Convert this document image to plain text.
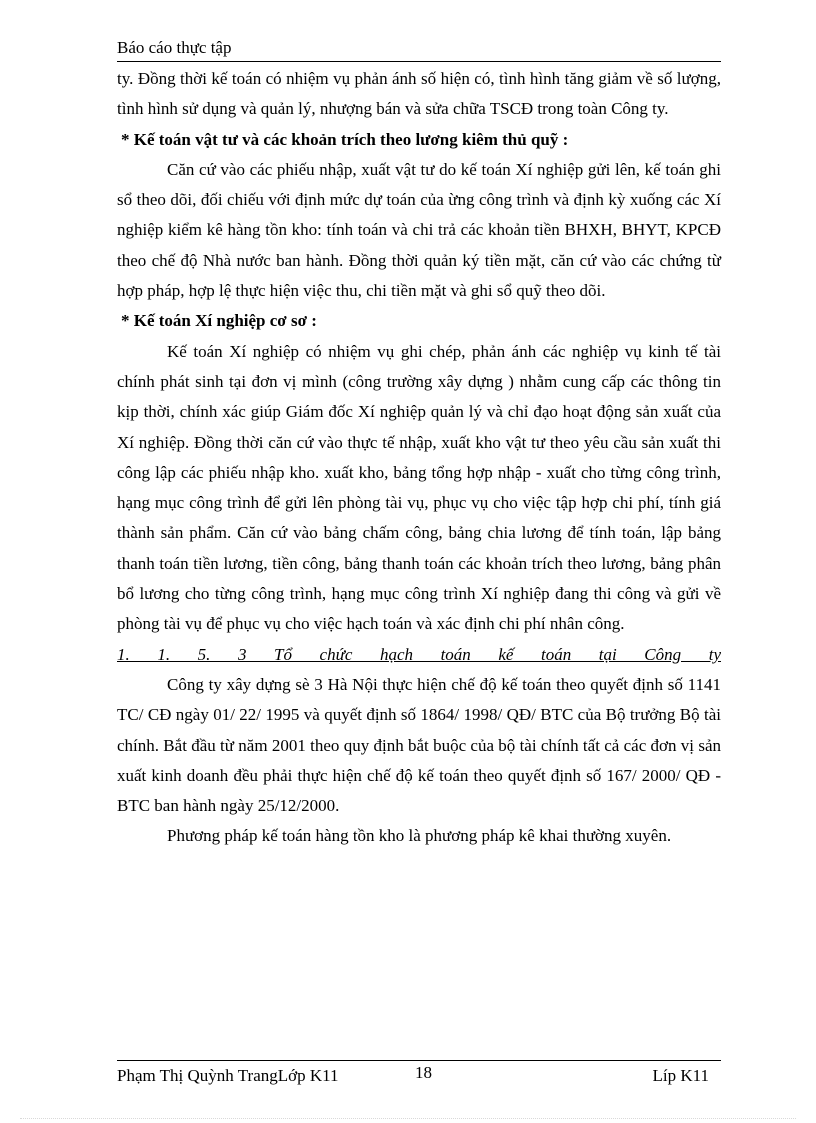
Báo cáo thực tập

ty. Đồng thời kế toán có nhiệm vụ phản ánh số hiện có, tình hình tăng giảm về số lượng, tình hình sử dụng và quản lý, nhượng bán và sửa chữa TSCĐ trong toàn Công ty.

* Kế toán vật tư và các khoản trích theo lương kiêm thủ quỹ :

Căn cứ vào các phiếu nhập, xuất vật tư do kế toán Xí nghiệp gửi lên, kế toán ghi sổ theo dõi, đối chiếu với định mức dự toán của ừng công trình và định kỳ xuống các Xí nghiệp kiểm kê hàng tồn kho: tính toán và chi trả các khoản tiền BHXH, BHYT, KPCĐ theo chế độ Nhà nước ban hành. Đồng thời quản ký tiền mặt, căn cứ vào các chứng từ hợp pháp, hợp lệ thực hiện việc thu, chi tiền mặt và ghi sổ quỹ theo dõi.

* Kế toán Xí nghiệp cơ sơ :

Kế toán Xí nghiệp có nhiệm vụ ghi chép, phản ánh các nghiệp vụ kinh tế tài chính phát sinh tại đơn vị mình (công trường xây dựng ) nhằm cung cấp các thông tin kịp thời, chính xác giúp Giám đốc Xí nghiệp quản lý và chỉ đạo hoạt động sản xuất của Xí nghiệp. Đồng thời căn cứ vào thực tế nhập, xuất kho vật tư theo yêu cầu sản xuất thi công lập các phiếu nhập kho. xuất kho, bảng tổng hợp nhập - xuất cho từng công trình, hạng mục công trình để gửi lên phòng tài vụ, phục vụ cho việc tập hợp chi phí, tính giá thành sản phẩm. Căn cứ vào bảng chấm công, bảng chia lương để tính toán, lập bảng thanh toán tiền lương, tiền công, bảng thanh toán các khoản trích theo lương, bảng phân bổ lương cho từng công trình, hạng mục công trình Xí nghiệp đang thi công và gửi về phòng tài vụ để phục vụ cho việc hạch toán và xác định chi phí nhân công.

1. 1. 5. 3 Tổ chức hạch toán kế toán tại Công ty

Công ty xây dựng sè 3 Hà Nội thực hiện chế độ kế toán theo quyết định số 1141 TC/ CĐ ngày 01/ 22/ 1995 và quyết định số 1864/ 1998/ QĐ/ BTC của Bộ trưởng Bộ tài chính. Bắt đầu từ năm 2001 theo quy định bắt buộc của bộ tài chính tất cả các đơn vị sản xuất kinh doanh đều phải thực hiện chế độ kế toán theo quyết định số 167/ 2000/ QĐ - BTC ban hành ngày 25/12/2000.

Phương pháp kế toán hàng tồn kho là phương pháp kê khai thường xuyên.

Phạm Thị Quỳnh TrangLớp K11	18	Líp K11
